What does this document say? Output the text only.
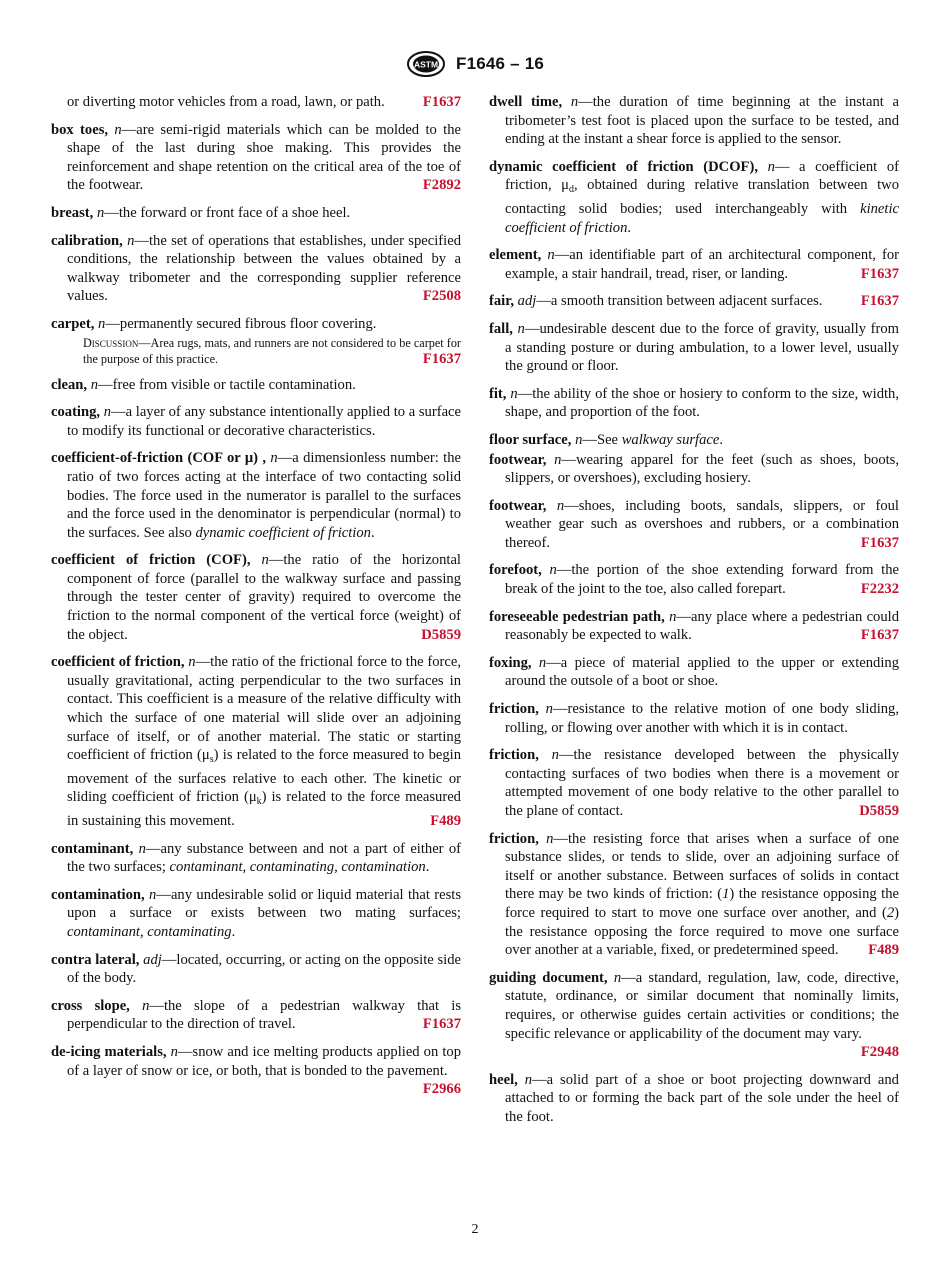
ASTM F1646 – 16
or diverting motor vehicles from a road, lawn, or path.	F1637
box toes, n—are semi-rigid materials which can be molded to the shape of the last during shoe making. This provides the reinforcement and shape retention on the critical area of the toe of the footwear.	F2892
breast, n—the forward or front face of a shoe heel.
calibration, n—the set of operations that establishes, under specified conditions, the relationship between the values obtained by a walkway tribometer and the corresponding supplier reference values.	F2508
carpet, n—permanently secured fibrous floor covering.
Discussion—Area rugs, mats, and runners are not considered to be carpet for the purpose of this practice.	F1637
clean, n—free from visible or tactile contamination.
coating, n—a layer of any substance intentionally applied to a surface to modify its functional or decorative characteristics.
coefficient-of-friction (COF or μ) , n—a dimensionless number: the ratio of two forces acting at the interface of two contacting solid bodies. The force used in the numerator is parallel to the surfaces and the force used in the denominator is perpendicular (normal) to the surfaces. See also dynamic coefficient of friction.
coefficient of friction (COF), n—the ratio of the horizontal component of force (parallel to the walkway surface and passing through the tester center of gravity) required to overcome the friction to the normal component of the vertical force (weight) of the object.	D5859
coefficient of friction, n—the ratio of the frictional force to the force, usually gravitational, acting perpendicular to the two surfaces in contact. This coefficient is a measure of the relative difficulty with which the surface of one material will slide over an adjoining surface of itself, or of another material. The static or starting coefficient of friction $(\mu_s)$ is related to the force measured to begin movement of the surfaces relative to each other. The kinetic or sliding coefficient of friction $(\mu_k)$ is related to the force measured in sustaining this movement.	F489
contaminant, n—any substance between and not a part of either of the two surfaces; contaminant, contaminating, contamination.
contamination, n—any undesirable solid or liquid material that rests upon a surface or exists between two mating surfaces; contaminant, contaminating.
contra lateral, adj—located, occurring, or acting on the opposite side of the body.
cross slope, n—the slope of a pedestrian walkway that is perpendicular to the direction of travel.	F1637
de-icing materials, n—snow and ice melting products applied on top of a layer of snow or ice, or both, that is bonded to the pavement.
F2966
dwell time, n—the duration of time beginning at the instant a tribometer’s test foot is placed upon the surface to be tested, and ending at the instant a shear force is applied to the sensor.
dynamic coefficient of friction (DCOF), n— a coefficient of friction, $\mu_d$, obtained during relative translation between two contacting solid bodies; used interchangeably with kinetic coefficient of friction.
element, n—an identifiable part of an architectural component, for example, a stair handrail, tread, riser, or landing.	F1637
fair, adj—a smooth transition between adjacent surfaces.	F1637
fall, n—undesirable descent due to the force of gravity, usually from a standing posture or during ambulation, to a lower level, usually the ground or floor.
fit, n—the ability of the shoe or hosiery to conform to the size, width, shape, and proportion of the foot.
floor surface, n—See walkway surface.
footwear, n—wearing apparel for the feet (such as shoes, boots, slippers, or overshoes), excluding hosiery.
footwear, n—shoes, including boots, sandals, slippers, or foul weather gear such as overshoes and rubbers, or a combination thereof.	F1637
forefoot, n—the portion of the shoe extending forward from the break of the joint to the toe, also called forepart.	F2232
foreseeable pedestrian path, n—any place where a pedestrian could reasonably be expected to walk.	F1637
foxing, n—a piece of material applied to the upper or extending around the outsole of a boot or shoe.
friction, n—resistance to the relative motion of one body sliding, rolling, or flowing over another with which it is in contact.
friction, n—the resistance developed between the physically contacting surfaces of two bodies when there is a movement or attempted movement of one body relative to the other parallel to the plane of contact.	D5859
friction, n—the resisting force that arises when a surface of one substance slides, or tends to slide, over an adjoining surface of itself or another substance. Between surfaces of solids in contact there may be two kinds of friction: (1) the resistance opposing the force required to start to move one surface over another, and (2) the resistance opposing the force required to move one surface over another at a variable, fixed, or predetermined speed. F489
guiding document, n—a standard, regulation, law, code, directive, statute, ordinance, or similar document that nominally limits, requires, or otherwise guides certain activities or conditions; the specific relevance or applicability of the document may vary.
F2948
heel, n—a solid part of a shoe or boot projecting downward and attached to or forming the back part of the sole under the heel of the foot.
2
